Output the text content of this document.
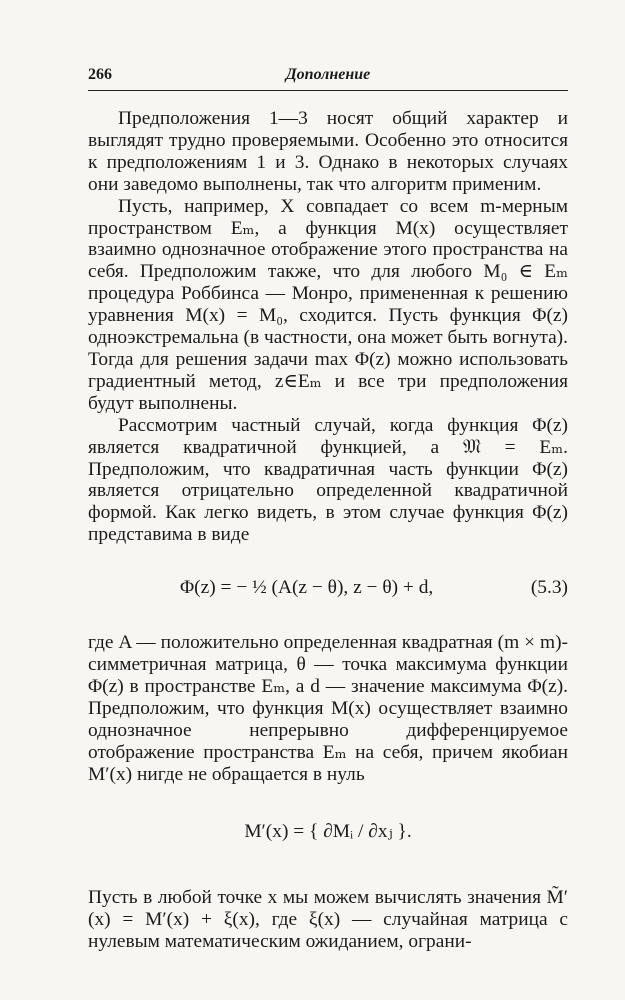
266	Дополнение

Предположения 1—3 носят общий характер и выглядят трудно проверяемыми. Особенно это относится к предположениям 1 и 3. Однако в некоторых случаях они заведомо выполнены, так что алгоритм применим.

Пусть, например, X совпадает со всем m-мерным пространством Eₘ, а функция M(x) осуществляет взаимно однозначное отображение этого пространства на себя. Предположим также, что для любого M₀ ∈ Eₘ процедура Роббинса — Монро, примененная к решению уравнения M(x) = M₀, сходится. Пусть функция Φ(z) одноэкстремальна (в частности, она может быть вогнута). Тогда для решения задачи max Φ(z) можно использовать градиентный метод, z∈Eₘ и все три предположения будут выполнены.

Рассмотрим частный случай, когда функция Φ(z) является квадратичной функцией, а 𝔐 = Eₘ. Предположим, что квадратичная часть функции Φ(z) является отрицательно определенной квадратичной формой. Как легко видеть, в этом случае функция Φ(z) представима в виде

Φ(z) = − ½ (A(z − θ), z − θ) + d,	(5.3)

где A — положительно определенная квадратная (m × m)-симметричная матрица, θ — точка максимума функции Φ(z) в пространстве Eₘ, а d — значение максимума Φ(z). Предположим, что функция M(x) осуществляет взаимно однозначное непрерывно дифференцируемое отображение пространства Eₘ на себя, причем якобиан M′(x) нигде не обращается в нуль

M′(x) = { ∂Mᵢ / ∂xⱼ }.

Пусть в любой точке x мы можем вычислять значения M̃′(x) = M′(x) + ξ(x), где ξ(x) — случайная матрица с нулевым математическим ожиданием, ограни-
